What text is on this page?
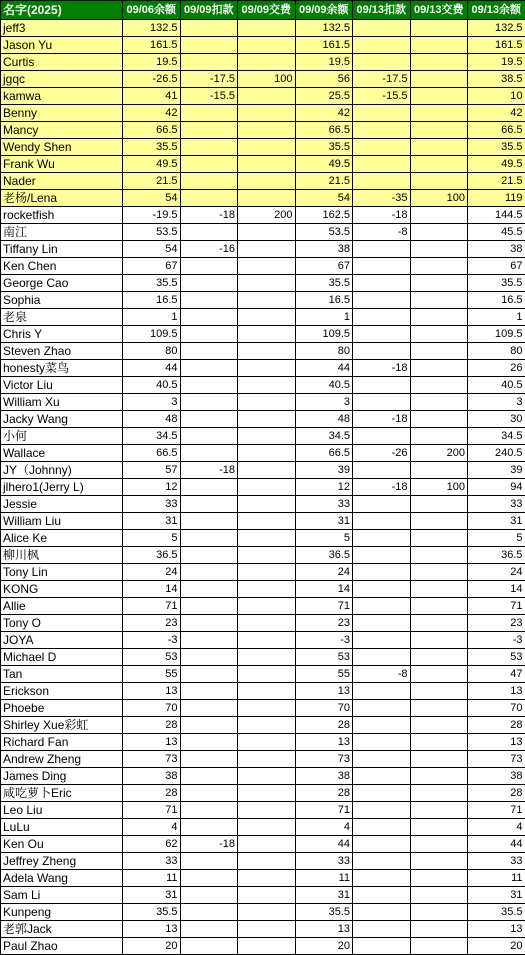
名字(2025)	09/06余额	09/09扣款	09/09交费	09/09余额	09/13扣款	09/13交费	09/13余额
jeff3	132.5			132.5			132.5
Jason Yu	161.5			161.5			161.5
Curtis	19.5			19.5			19.5
jgqc	-26.5	-17.5	100	56	-17.5		38.5
kamwa	41	-15.5		25.5	-15.5		10
Benny	42			42			42
Mancy	66.5			66.5			66.5
Wendy Shen	35.5			35.5			35.5
Frank Wu	49.5			49.5			49.5
Nader	21.5			21.5			21.5
老杨/Lena	54			54	-35	100	119
rocketfish	-19.5	-18	200	162.5	-18		144.5
南江	53.5			53.5	-8		45.5
Tiffany Lin	54	-16		38			38
Ken Chen	67			67			67
George Cao	35.5			35.5			35.5
Sophia	16.5			16.5			16.5
老泉	1			1			1
Chris Y	109.5			109.5			109.5
Steven Zhao	80			80			80
honesty菜鸟	44			44	-18		26
Victor Liu	40.5			40.5			40.5
William Xu	3			3			3
Jacky Wang	48			48	-18		30
小何	34.5			34.5			34.5
Wallace	66.5			66.5	-26	200	240.5
JY（Johnny)	57	-18		39			39
jlhero1(Jerry L)	12			12	-18	100	94
Jessie	33			33			33
William Liu	31			31			31
Alice Ke	5			5			5
柳川枫	36.5			36.5			36.5
Tony Lin	24			24			24
KONG	14			14			14
Allie	71			71			71
Tony O	23			23			23
JOYA	-3			-3			-3
Michael D	53			53			53
Tan	55			55	-8		47
Erickson	13			13			13
Phoebe	70			70			70
Shirley Xue彩虹	28			28			28
Richard Fan	13			13			13
Andrew Zheng	73			73			73
James Ding	38			38			38
咸吃萝卜Eric	28			28			28
Leo Liu	71			71			71
LuLu	4			4			4
Ken Ou	62	-18		44			44
Jeffrey Zheng	33			33			33
Adela Wang	11			11			11
Sam Li	31			31			31
Kunpeng	35.5			35.5			35.5
老郭Jack	13			13			13
Paul Zhao	20			20			20
